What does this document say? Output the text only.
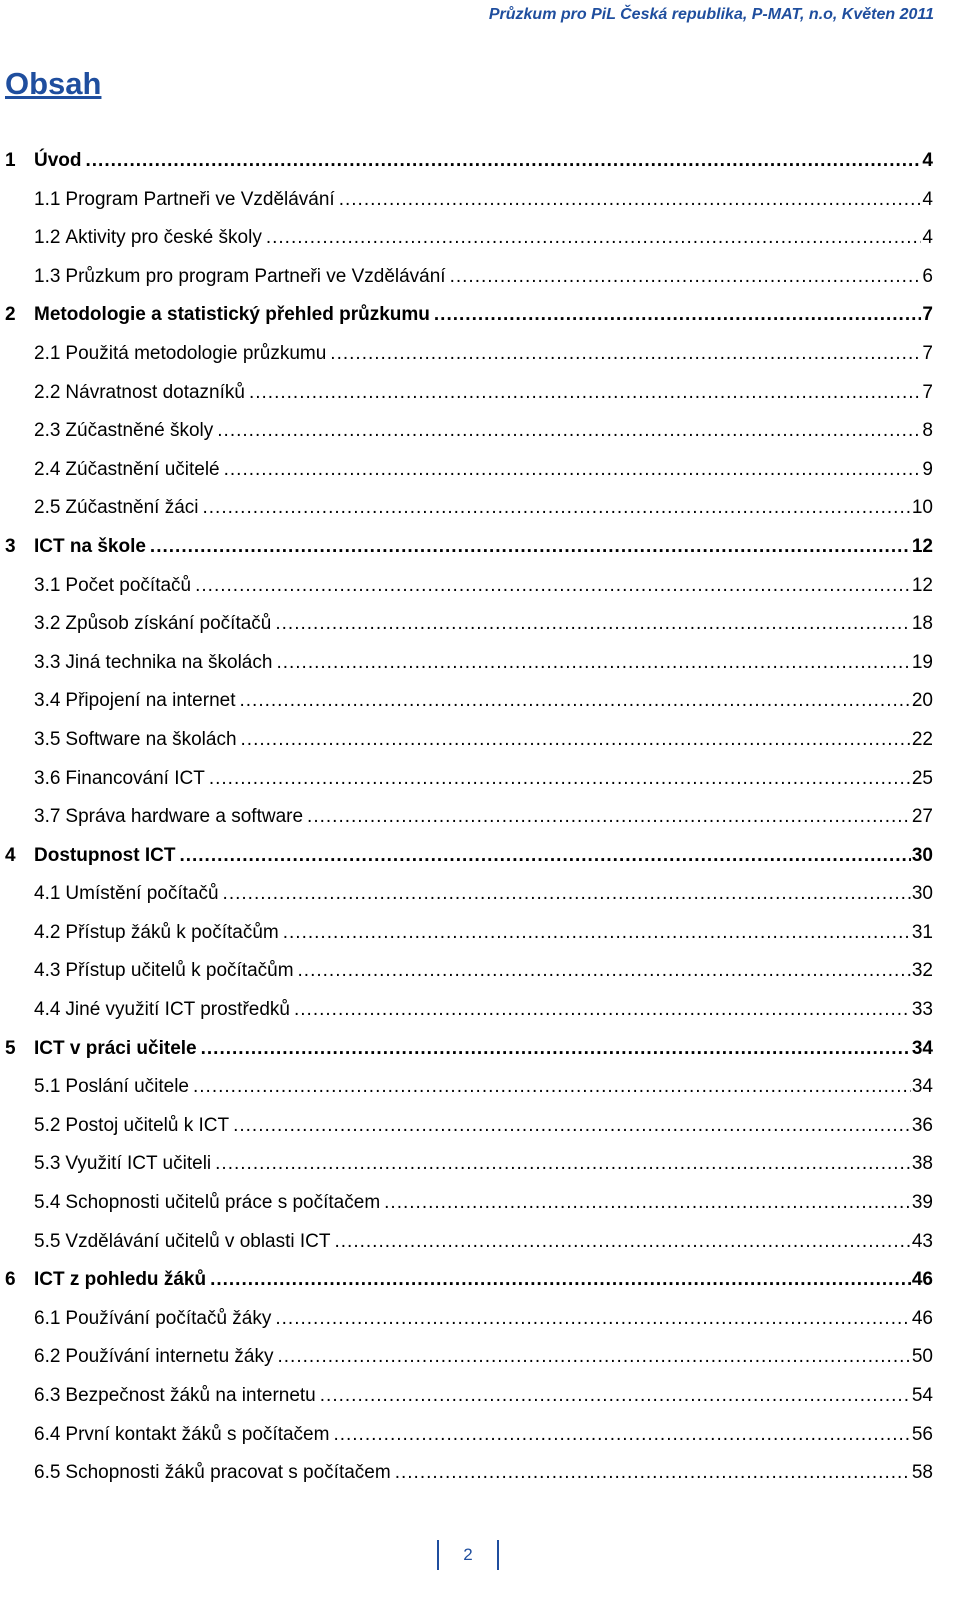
Průzkum pro PiL Česká republika, P-MAT, n.o, Květen 2011
Obsah
1 Úvod .....	4
1.1 Program Partneři ve Vzdělávání .....	4
1.2 Aktivity pro české školy .....	4
1.3 Průzkum pro program Partneři ve Vzdělávání .....	6
2 Metodologie a statistický přehled průzkumu .....	7
2.1 Použitá metodologie průzkumu .....	7
2.2 Návratnost dotazníků .....	7
2.3 Zúčastněné školy .....	8
2.4 Zúčastnění učitelé .....	9
2.5 Zúčastnění žáci .....	10
3 ICT na škole .....	12
3.1 Počet počítačů .....	12
3.2 Způsob získání počítačů .....	18
3.3 Jiná technika na školách .....	19
3.4 Připojení na internet .....	20
3.5 Software na školách .....	22
3.6 Financování ICT .....	25
3.7 Správa hardware a software .....	27
4 Dostupnost ICT .....	30
4.1 Umístění počítačů .....	30
4.2 Přístup žáků k počítačům .....	31
4.3 Přístup učitelů k počítačům .....	32
4.4 Jiné využití ICT prostředků .....	33
5 ICT v práci učitele .....	34
5.1 Poslání učitele .....	34
5.2 Postoj učitelů k ICT .....	36
5.3 Využití ICT učiteli .....	38
5.4 Schopnosti učitelů práce s počítačem .....	39
5.5 Vzdělávání učitelů v oblasti ICT .....	43
6 ICT z pohledu žáků .....	46
6.1 Používání počítačů žáky .....	46
6.2 Používání internetu žáky .....	50
6.3 Bezpečnost žáků na internetu .....	54
6.4 První kontakt žáků s počítačem .....	56
6.5 Schopnosti žáků pracovat s počítačem .....	58
2
